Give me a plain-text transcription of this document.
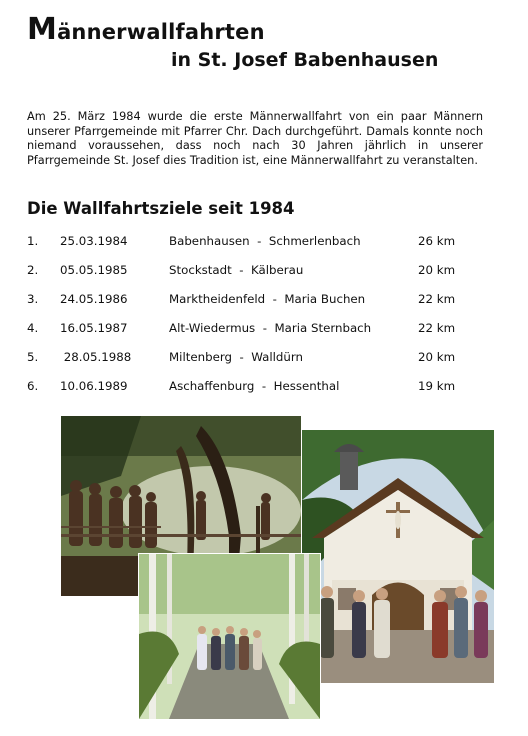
Männerwallfahrten
in St. Josef Babenhausen
Am 25. März 1984 wurde die erste Männerwallfahrt von ein paar Männern unserer Pfarrgemeinde mit Pfarrer Chr. Dach durchgeführt. Damals konnte noch niemand voraussehen, dass noch nach 30 Jahren jährlich in unserer Pfarrgemeinde St. Josef dies Tradition ist, eine Männerwallfahrt zu veranstalten.
Die Wallfahrtsziele seit 1984
1. 25.03.1984	Babenhausen  -  Schmerlenbach	26 km
2. 05.05.1985	Stockstadt  -  Kälberau	20 km
3. 24.05.1986	Marktheidenfeld  -  Maria Buchen	22 km
4. 16.05.1987	Alt-Wiedermus  -  Maria Sternbach	22 km
5. 28.05.1988	Miltenberg  -  Walldürn	20 km
6. 10.06.1989	Aschaffenburg  -  Hessenthal	19 km
